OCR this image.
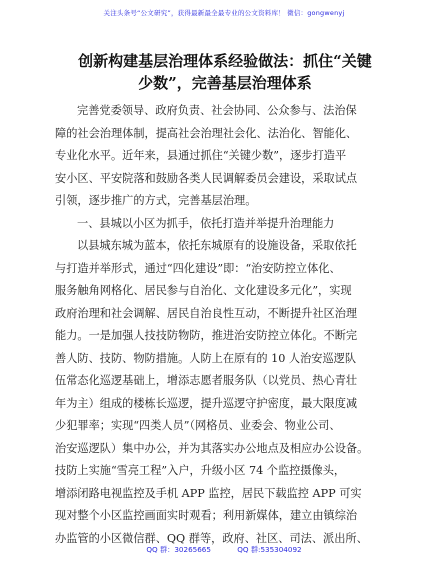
关注头条号“公文研究”，获得最新最全最专业的公文资料库！ 微信：gongwenyj
创新构建基层治理体系经验做法：抓住“关键
少数”，完善基层治理体系
完善党委领导、政府负责、社会协同、公众参与、法治保
障的社会治理体制，提高社会治理社会化、法治化、智能化、
专业化水平。近年来，县通过抓住“关键少数”，逐步打造平
安小区、平安院落和鼓励各类人民调解委员会建设，采取试点
引领，逐步推广的方式，完善基层治理。
一、县城以小区为抓手，依托打造并举提升治理能力
以县城东城为蓝本，依托东城原有的设施设备，采取依托
与打造并举形式，通过“四化建设”即：“治安防控立体化、
服务触角网格化、居民参与自治化、文化建设多元化”，实现
政府治理和社会调解、居民自治良性互动，不断提升社区治理
能力。一是加强人技技防物防，推进治安防控立体化。不断完
善人防、技防、物防措施。人防上在原有的 10 人治安巡逻队
伍常态化巡逻基础上，增添志愿者服务队（以党员、热心青壮
年为主）组成的楼栋长巡逻，提升巡逻守护密度，最大限度减
少犯罪率；实现“四类人员”（网格员、业委会、物业公司、
治安巡逻队）集中办公，并为其落实办公地点及相应办公设备。
技防上实施“雪亮工程”入户，升级小区 74 个监控摄像头，
增添闭路电视监控及手机 APP 监控，居民下载监控 APP 可实
现对整个小区监控画面实时观看；利用新媒体，建立由镇综治
办监管的小区微信群、QQ 群等，政府、社区、司法、派出所、
QQ 群：30265665	QQ 群:535304092
